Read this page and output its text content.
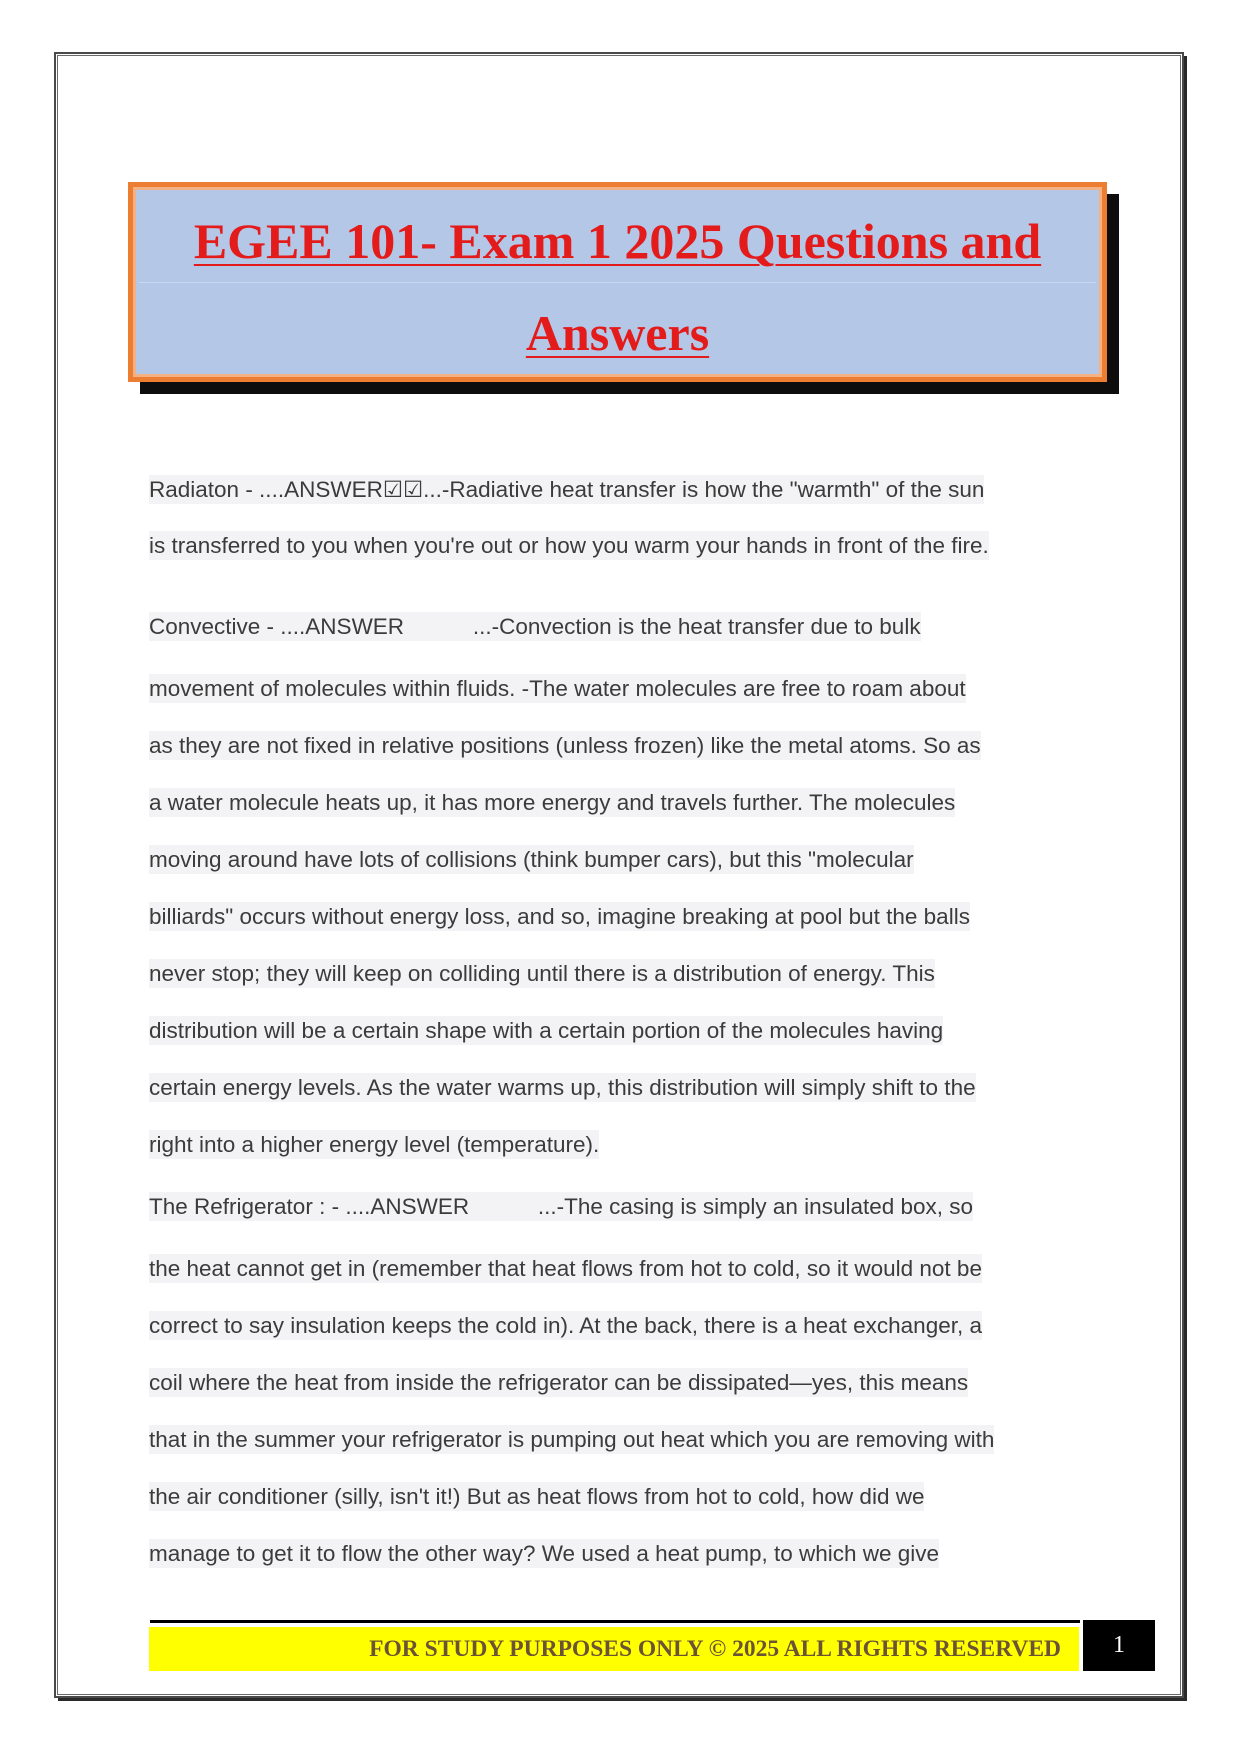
EGEE 101- Exam 1 2025 Questions and
Answers
Radiaton - ....ANSWER☑☑...-Radiative heat transfer is how the "warmth" of the sun
is transferred to you when you're out or how you warm your hands in front of the fire.
Convective - ....ANSWER           ...-Convection is the heat transfer due to bulk
movement of molecules within fluids. -The water molecules are free to roam about
as they are not fixed in relative positions (unless frozen) like the metal atoms. So as
a water molecule heats up, it has more energy and travels further. The molecules
moving around have lots of collisions (think bumper cars), but this "molecular
billiards" occurs without energy loss, and so, imagine breaking at pool but the balls
never stop; they will keep on colliding until there is a distribution of energy. This
distribution will be a certain shape with a certain portion of the molecules having
certain energy levels. As the water warms up, this distribution will simply shift to the
right into a higher energy level (temperature).
The Refrigerator : - ....ANSWER           ...-The casing is simply an insulated box, so
the heat cannot get in (remember that heat flows from hot to cold, so it would not be
correct to say insulation keeps the cold in). At the back, there is a heat exchanger, a
coil where the heat from inside the refrigerator can be dissipated—yes, this means
that in the summer your refrigerator is pumping out heat which you are removing with
the air conditioner (silly, isn't it!) But as heat flows from hot to cold, how did we
manage to get it to flow the other way? We used a heat pump, to which we give
FOR STUDY PURPOSES ONLY © 2025 ALL RIGHTS RESERVED	1
